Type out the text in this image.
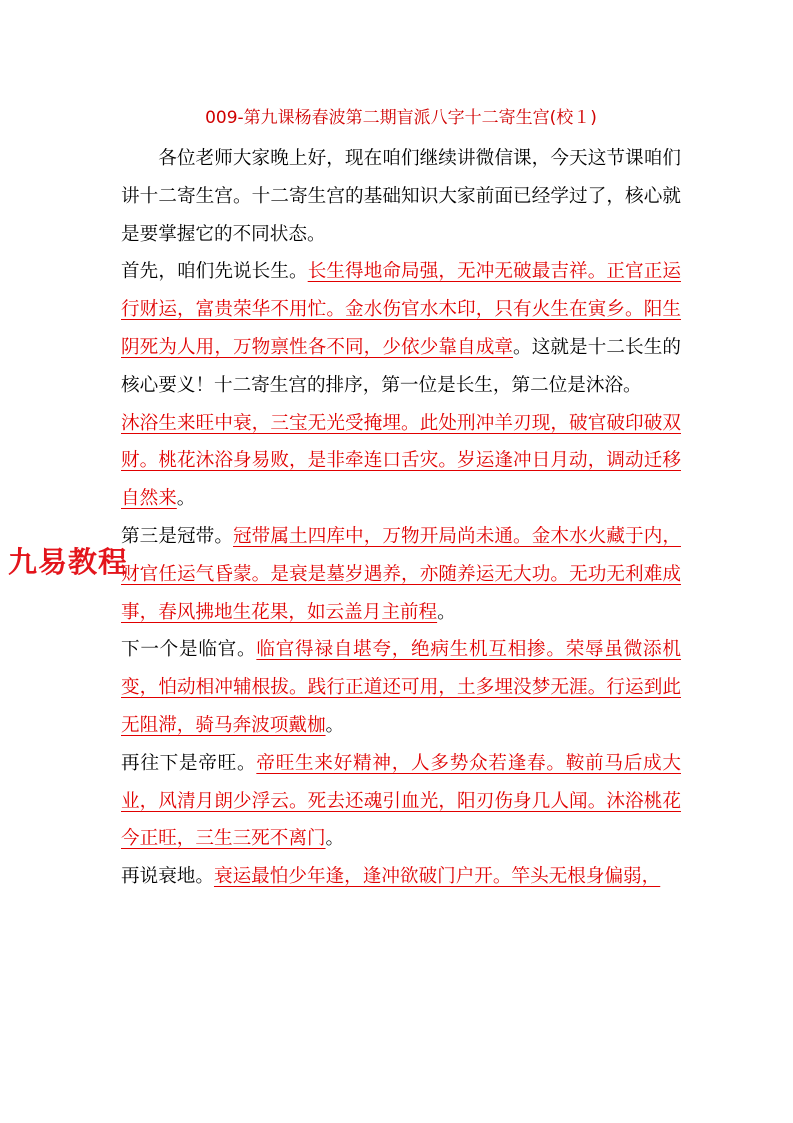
009-第九课杨春波第二期盲派八字十二寄生宫(校１)

各位老师大家晚上好，现在咱们继续讲微信课，今天这节课咱们讲十二寄生宫。十二寄生宫的基础知识大家前面已经学过了，核心就是要掌握它的不同状态。

首先，咱们先说长生。长生得地命局强，无冲无破最吉祥。正官正运行财运，富贵荣华不用忙。金水伤官水木印，只有火生在寅乡。阳生阴死为人用，万物禀性各不同，少依少靠自成章。这就是十二长生的核心要义！十二寄生宫的排序，第一位是长生，第二位是沐浴。

沐浴生来旺中衰，三宝无光受掩埋。此处刑冲羊刃现，破官破印破双财。桃花沐浴身易败，是非牵连口舌灾。岁运逢冲日月动，调动迁移自然来。

第三是冠带。冠带属土四库中，万物开局尚未通。金木水火藏于内，财官任运气昏蒙。是衰是墓岁遇养，亦随养运无大功。无功无利难成事，春风拂地生花果，如云盖月主前程。

下一个是临官。临官得禄自堪夸，绝病生机互相掺。荣辱虽微添机变，怕动相冲辅根拔。践行正道还可用，土多埋没梦无涯。行运到此无阻滞，骑马奔波项戴枷。

再往下是帝旺。帝旺生来好精神，人多势众若逢春。鞍前马后成大业，风清月朗少浮云。死去还魂引血光，阳刃伤身几人闻。沐浴桃花今正旺，三生三死不离门。

再说衰地。衰运最怕少年逢，逢冲欲破门户开。竿头无根身偏弱，

九易教程
